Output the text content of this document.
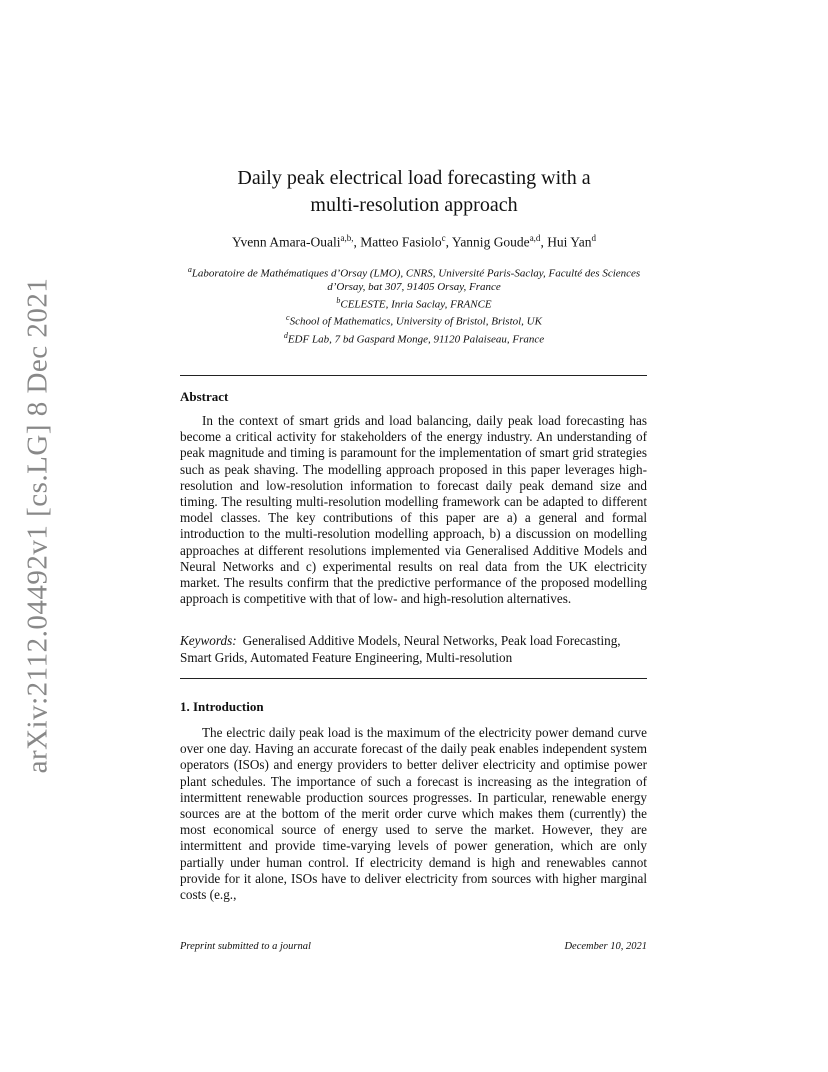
arXiv:2112.04492v1 [cs.LG] 8 Dec 2021
Daily peak electrical load forecasting with a
multi-resolution approach
Yvenn Amara-Ouali$^{a,b,}$, Matteo Fasiolo$^c$, Yannig Goude$^{a,d}$, Hui Yan$^d$
$^a$Laboratoire de Mathématiques d’Orsay (LMO), CNRS, Université Paris-Saclay, Faculté des Sciences d’Orsay, bat 307, 91405 Orsay, France
$^b$CELESTE, Inria Saclay, FRANCE
$^c$School of Mathematics, University of Bristol, Bristol, UK
$^d$EDF Lab, 7 bd Gaspard Monge, 91120 Palaiseau, France
Abstract

In the context of smart grids and load balancing, daily peak load forecasting has become a critical activity for stakeholders of the energy industry. An understanding of peak magnitude and timing is paramount for the implementation of smart grid strategies such as peak shaving. The modelling approach proposed in this paper leverages high-resolution and low-resolution information to forecast daily peak demand size and timing. The resulting multi-resolution modelling framework can be adapted to different model classes. The key contributions of this paper are a) a general and formal introduction to the multi-resolution modelling approach, b) a discussion on modelling approaches at different resolutions implemented via Generalised Additive Models and Neural Networks and c) experimental results on real data from the UK electricity market. The results confirm that the predictive performance of the proposed modelling approach is competitive with that of low- and high-resolution alternatives.

Keywords: Generalised Additive Models, Neural Networks, Peak load Forecasting, Smart Grids, Automated Feature Engineering, Multi-resolution
1. Introduction

The electric daily peak load is the maximum of the electricity power demand curve over one day. Having an accurate forecast of the daily peak enables independent system operators (ISOs) and energy providers to better deliver electricity and optimise power plant schedules. The importance of such a forecast is increasing as the integration of intermittent renewable production sources progresses. In particular, renewable energy sources are at the bottom of the merit order curve which makes them (currently) the most economical source of energy used to serve the market. However, they are intermittent and provide time-varying levels of power generation, which are only partially under human control. If electricity demand is high and renewables cannot provide for it alone, ISOs have to deliver electricity from sources with higher marginal costs (e.g.,

Preprint submitted to a journal	December 10, 2021
